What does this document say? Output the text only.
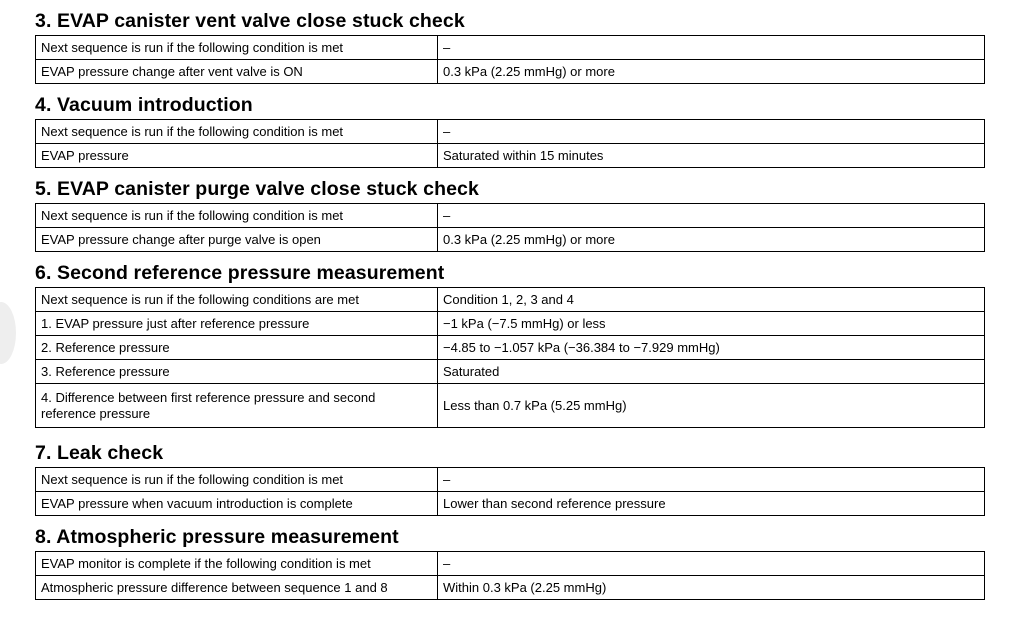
3. EVAP canister vent valve close stuck check
Next sequence is run if the following condition is met	–
EVAP pressure change after vent valve is ON	0.3 kPa (2.25 mmHg) or more
4. Vacuum introduction
Next sequence is run if the following condition is met	–
EVAP pressure	Saturated within 15 minutes
5. EVAP canister purge valve close stuck check
Next sequence is run if the following condition is met	–
EVAP pressure change after purge valve is open	0.3 kPa (2.25 mmHg) or more
6. Second reference pressure measurement
Next sequence is run if the following conditions are met	Condition 1, 2, 3 and 4
1. EVAP pressure just after reference pressure	−1 kPa (−7.5 mmHg) or less
2. Reference pressure	−4.85 to −1.057 kPa (−36.384 to −7.929 mmHg)
3. Reference pressure	Saturated
4. Difference between first reference pressure and second reference pressure	Less than 0.7 kPa (5.25 mmHg)
7. Leak check
Next sequence is run if the following condition is met	–
EVAP pressure when vacuum introduction is complete	Lower than second reference pressure
8. Atmospheric pressure measurement
EVAP monitor is complete if the following condition is met	–
Atmospheric pressure difference between sequence 1 and 8	Within 0.3 kPa (2.25 mmHg)
